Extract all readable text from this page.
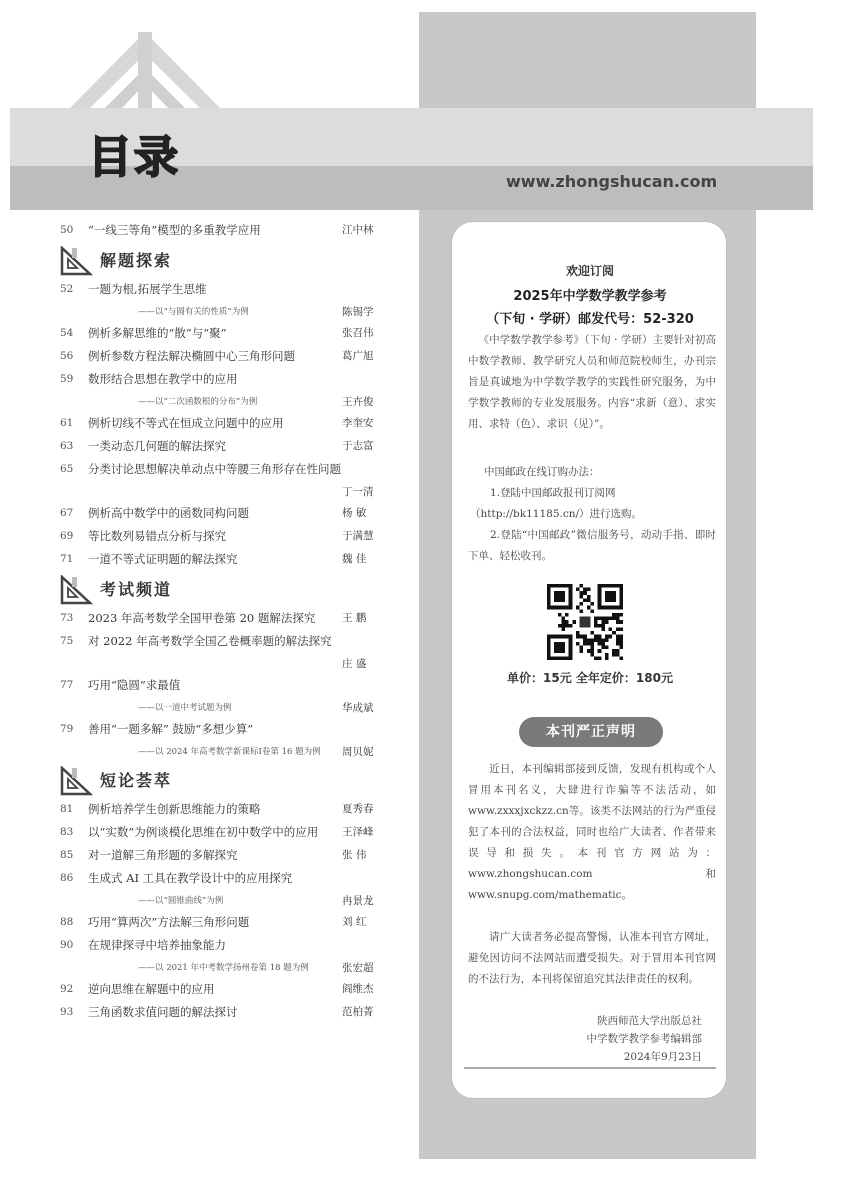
目录	www.zhongshucan.com
50	“一线三等角”模型的多重教学应用	江中林
解题探索
52	一题为根,拓展学生思维
——以“与圆有关的性质”为例	陈锡学
54	例析多解思维的“散”与“聚”	张召伟
56	例析参数方程法解决椭圆中心三角形问题	葛广旭
59	数形结合思想在教学中的应用
——以“二次函数根的分布”为例	王卉俊
61	例析切线不等式在恒成立问题中的应用	李奎安
63	一类动态几何题的解法探究	于志富
65	分类讨论思想解决单动点中等腰三角形存在性问题
丁一清
67	例析高中数学中的函数同构问题	杨 敏
69	等比数列易错点分析与探究	于满慧
71	一道不等式证明题的解法探究	魏 佳
考试频道
73	2023 年高考数学全国甲卷第 20 题解法探究	王 鹏
75	对 2022 年高考数学全国乙卷概率题的解法探究
庄 盛
77	巧用“隐圆”求最值
——以一道中考试题为例	华成斌
79	善用“一题多解” 鼓励“多想少算”
——以 2024 年高考数学新课标Ⅰ卷第 16 题为例 周贝妮
短论荟萃
81	例析培养学生创新思维能力的策略	夏秀春
83	以“实数”为例谈模化思维在初中数学中的应用 王泽峰
85	对一道解三角形题的多解探究	张 伟
86	生成式 AI 工具在教学设计中的应用探究
——以“圆锥曲线”为例	冉景龙
88	巧用“算两次”方法解三角形问题	刘 红
90	在规律探寻中培养抽象能力
——以 2021 年中考数学扬州卷第 18 题为例	张宏超
92	逆向思维在解题中的应用	阎维杰
93	三角函数求值问题的解法探讨	范柏菁
欢迎订阅
2025年中学数学教学参考
（下旬 · 学研）邮发代号：52-320
《中学数学教学参考》（下旬 · 学研）主要针对初高中数学教师、教学研究人员和师范院校师生，办刊宗旨是真诚地为中学数学教学的实践性研究服务，为中学数学教师的专业发展服务。内容“求新（意）、求实用、求特（色）、求识（见）”。
中国邮政在线订购办法：
1.登陆中国邮政报刊订阅网
（http://bk11185.cn/）进行选购。
2.登陆“中国邮政”微信服务号，动动手指、即时下单、轻松收刊。
单价：15元 全年定价：180元
本刊严正声明
近日，本刊编辑部接到反馈，发现有机构或个人冒用本刊名义，大肆进行诈骗等不法活动，如www.zxxxjxckzz.cn等。该类不法网站的行为严重侵犯了本刊的合法权益，同时也给广大读者、作者带来误导和损失。本刊官方网站为：www.zhongshucan.com 和 www.snupg.com/mathematic。
请广大读者务必提高警惕，认准本刊官方网址，避免因访问不法网站而遭受损失。对于冒用本刊官网的不法行为，本刊将保留追究其法律责任的权利。
陕西师范大学出版总社
中学数学教学参考编辑部
2024年9月23日
